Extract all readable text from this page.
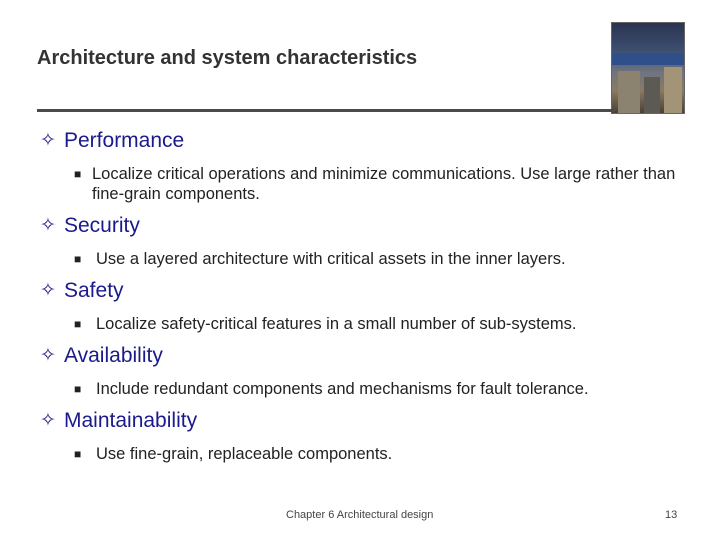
Architecture and system characteristics
✧ Performance
■ Localize critical operations and minimize communications. Use large rather than fine-grain components.
✧ Security
■ Use a layered architecture with critical assets in the inner layers.
✧ Safety
■ Localize safety-critical features in a small number of sub-systems.
✧ Availability
■ Include redundant components and mechanisms for fault tolerance.
✧ Maintainability
■ Use fine-grain, replaceable components.
Chapter 6 Architectural design	13
